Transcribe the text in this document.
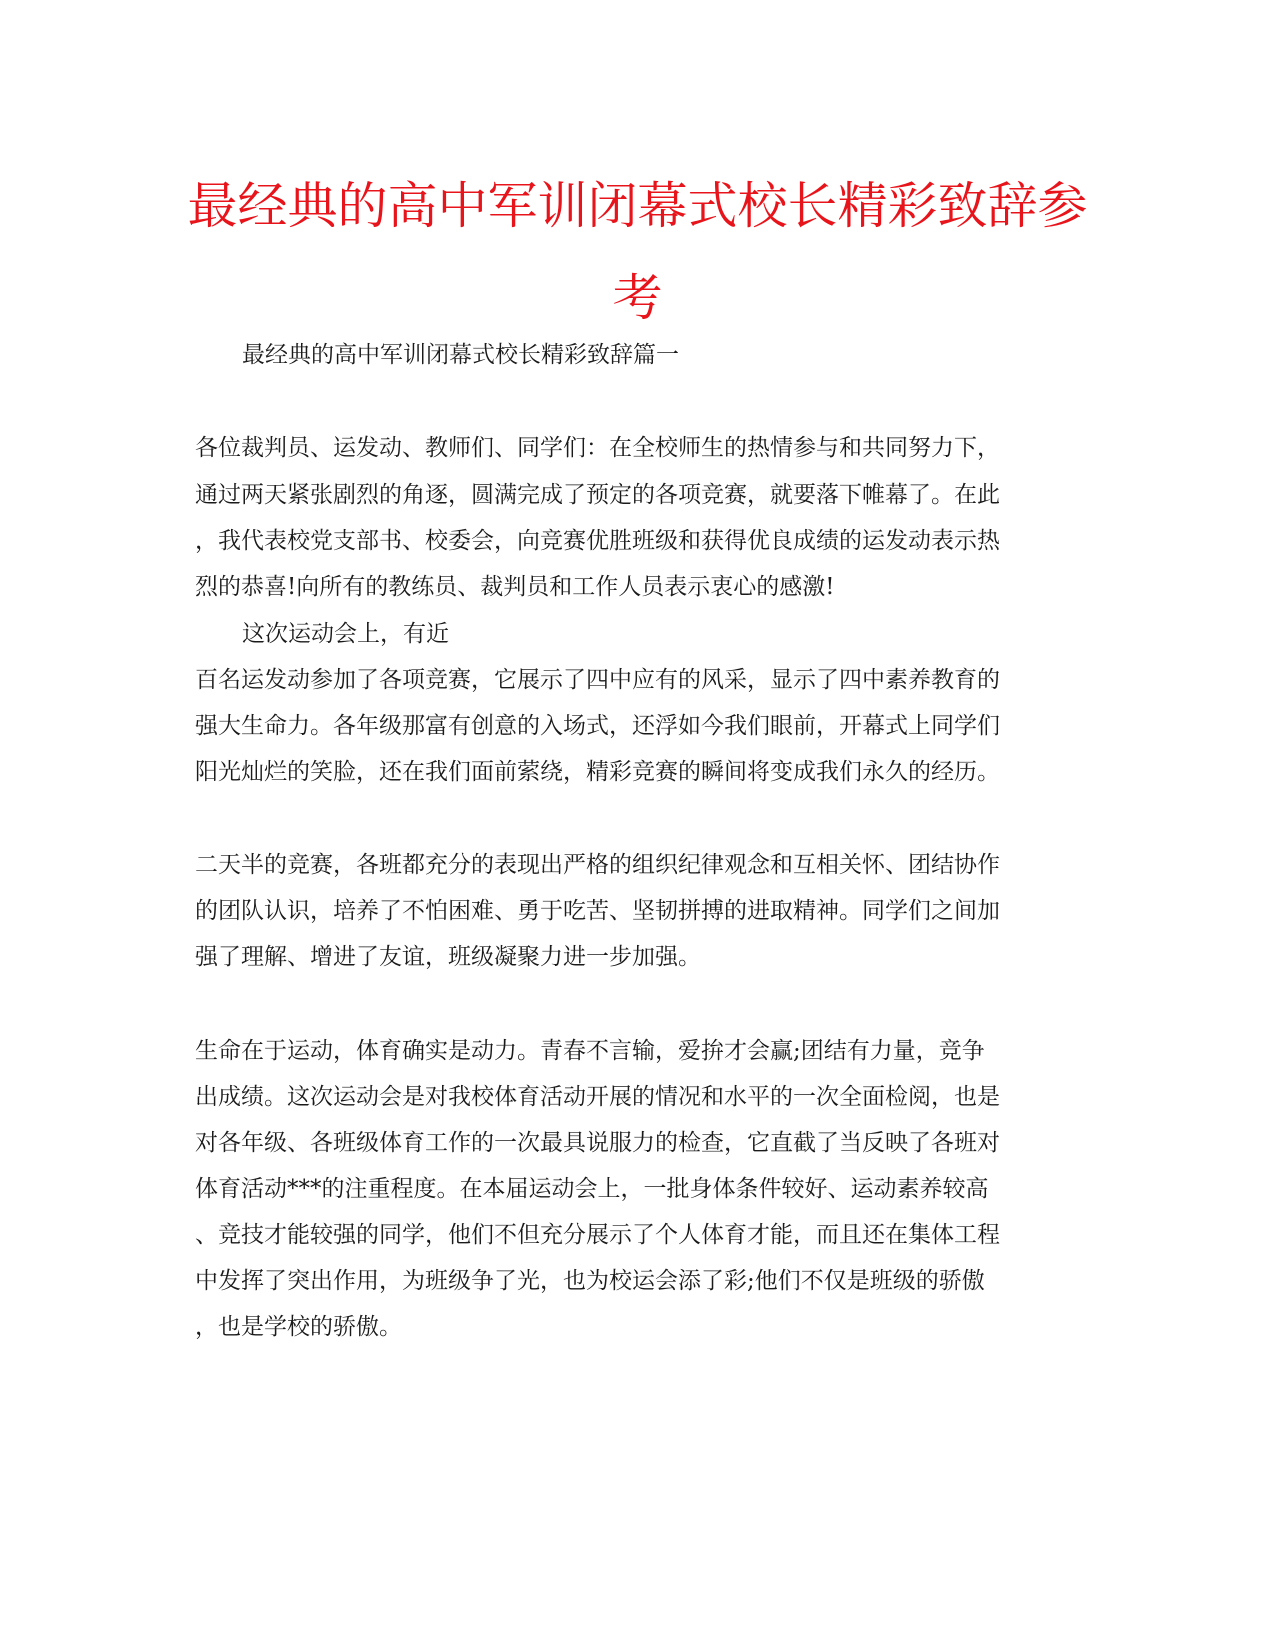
最经典的高中军训闭幕式校长精彩致辞参考

最经典的高中军训闭幕式校长精彩致辞篇一

各位裁判员、运发动、教师们、同学们：在全校师生的热情参与和共同努力下，

通过两天紧张剧烈的角逐，圆满完成了预定的各项竞赛，就要落下帷幕了。在此

，我代表校党支部书、校委会，向竞赛优胜班级和获得优良成绩的运发动表示热

烈的恭喜!向所有的教练员、裁判员和工作人员表示衷心的感激!

这次运动会上，有近

百名运发动参加了各项竞赛，它展示了四中应有的风采，显示了四中素养教育的

强大生命力。各年级那富有创意的入场式，还浮如今我们眼前，开幕式上同学们

阳光灿烂的笑脸，还在我们面前萦绕，精彩竞赛的瞬间将变成我们永久的经历。

二天半的竞赛，各班都充分的表现出严格的组织纪律观念和互相关怀、团结协作

的团队认识，培养了不怕困难、勇于吃苦、坚韧拼搏的进取精神。同学们之间加

强了理解、增进了友谊，班级凝聚力进一步加强。

生命在于运动，体育确实是动力。青春不言输，爱拚才会赢;团结有力量，竞争

出成绩。这次运动会是对我校体育活动开展的情况和水平的一次全面检阅，也是

对各年级、各班级体育工作的一次最具说服力的检查，它直截了当反映了各班对

体育活动***的注重程度。在本届运动会上，一批身体条件较好、运动素养较高

、竞技才能较强的同学，他们不但充分展示了个人体育才能，而且还在集体工程

中发挥了突出作用，为班级争了光，也为校运会添了彩;他们不仅是班级的骄傲

，也是学校的骄傲。
